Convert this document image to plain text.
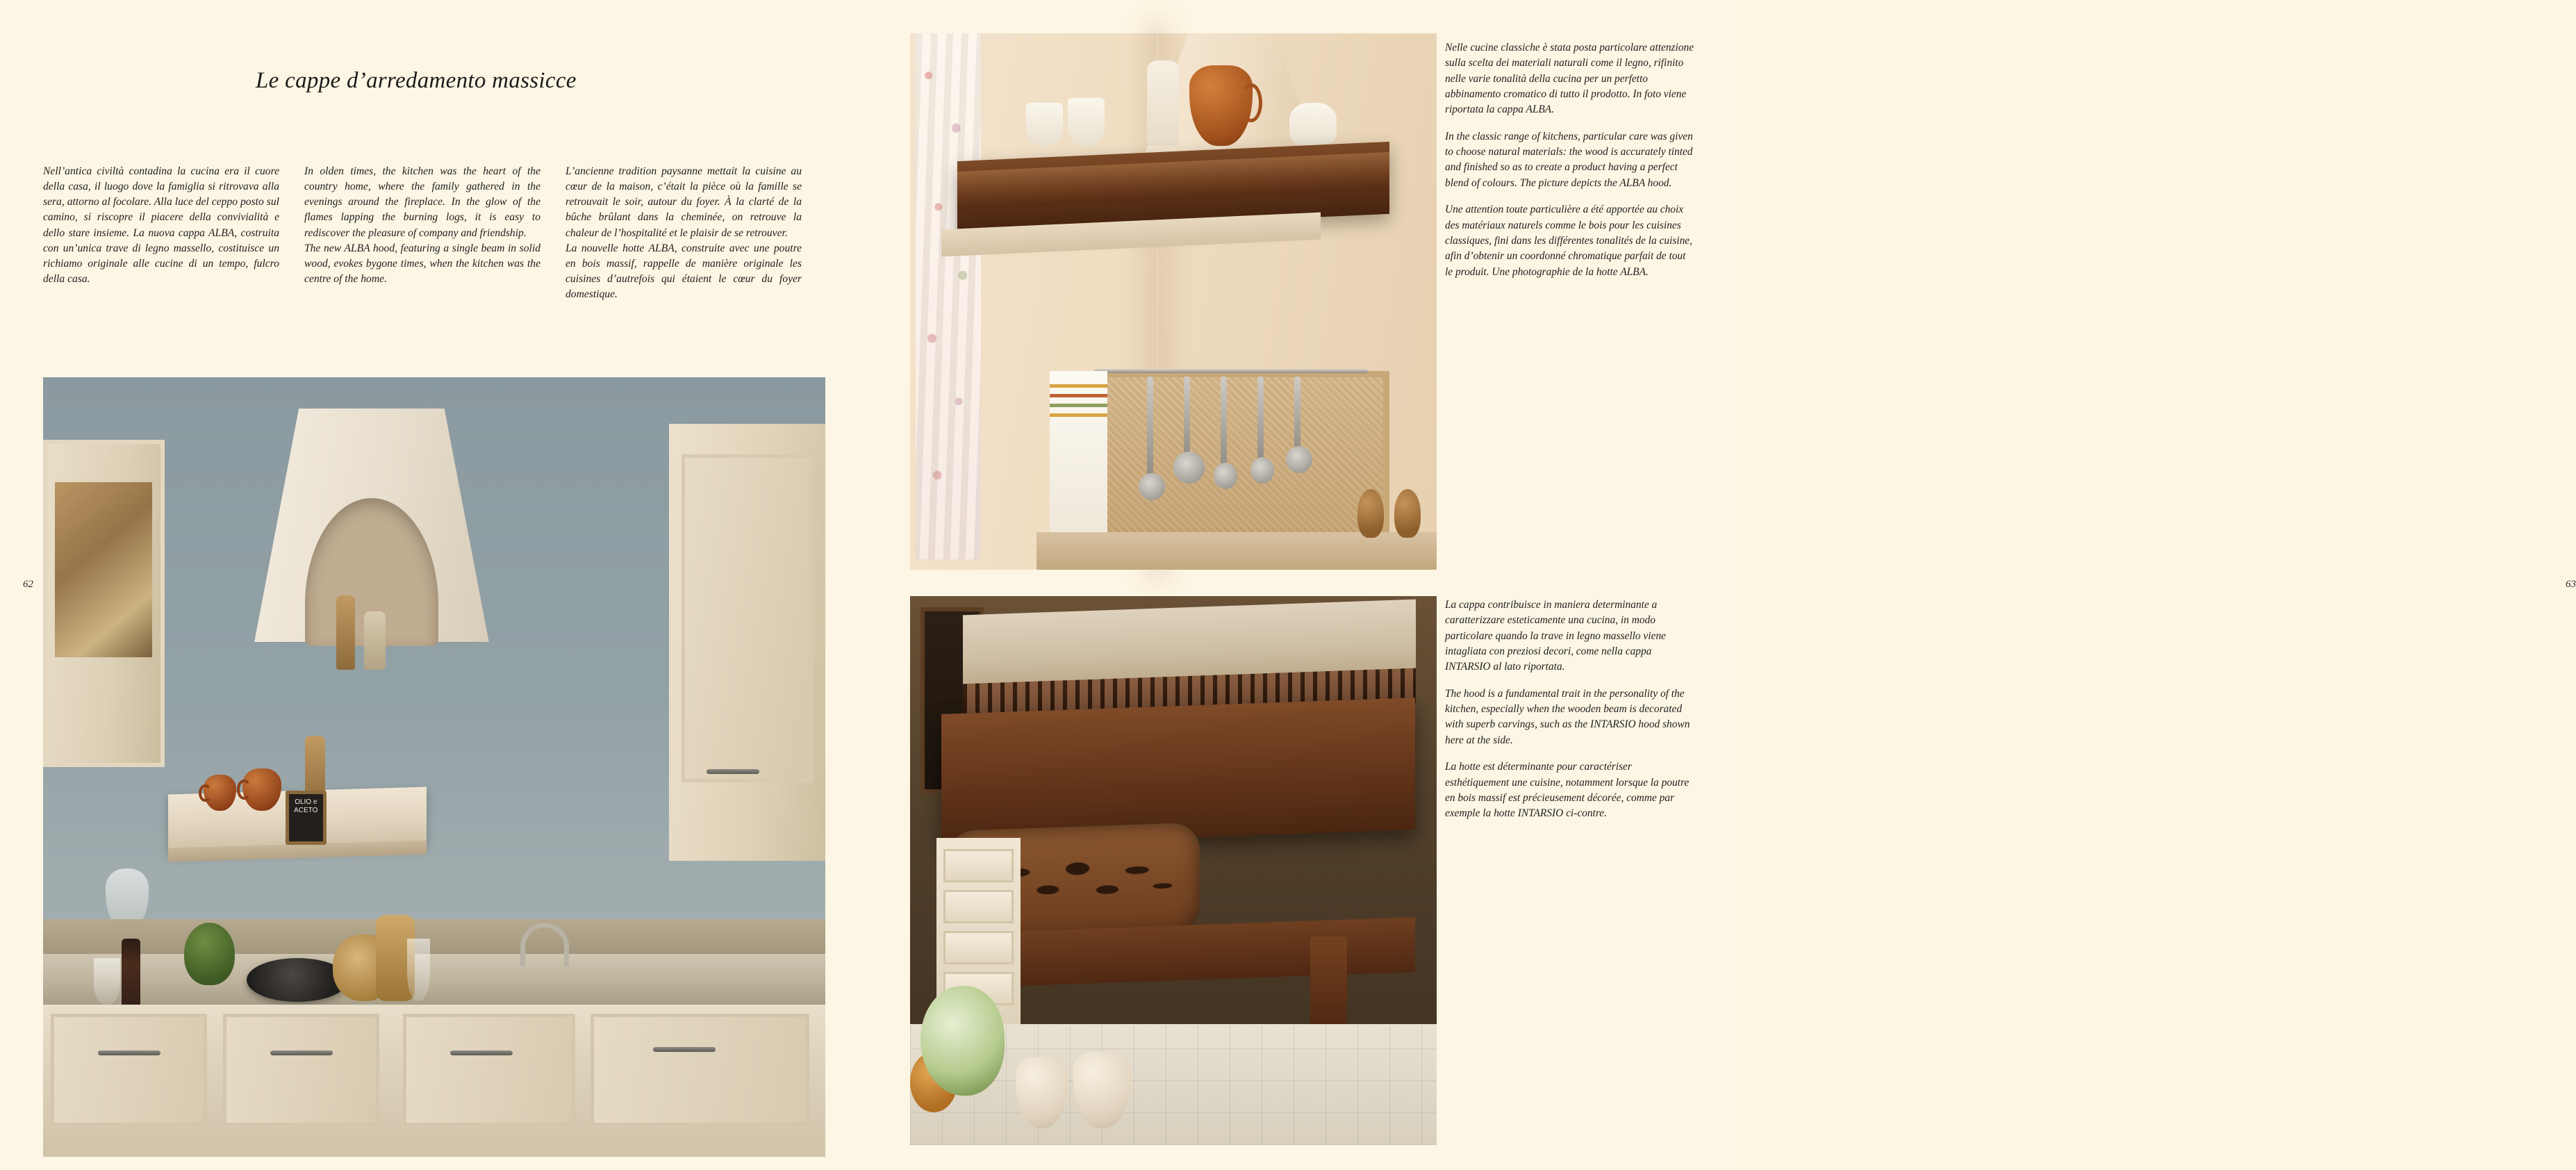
Le cappe d’arredamento massicce
62

Nell’antica civiltà contadina la cucina era il cuore della casa, il luogo dove la famiglia si ritrovava alla sera, attorno al focolare. Alla luce del ceppo posto sul camino, si riscopre il piacere della convivialità e dello stare insieme. La nuova cappa ALBA, costruita con un’unica trave di legno massello, costituisce un richiamo originale alle cucine di un tempo, fulcro della casa.

In olden times, the kitchen was the heart of the country home, where the family gathered in the evenings around the fireplace. In the glow of the flames lapping the burning logs, it is easy to rediscover the pleasure of company and friendship.

The new ALBA hood, featuring a single beam in solid wood, evokes bygone times, when the kitchen was the centre of the home.

L’ancienne tradition paysanne mettait la cuisine au cœur de la maison, c’était la pièce où la famille se retrouvait le soir, autour du foyer. À la clarté de la bûche brûlant dans la cheminée, on retrouve la chaleur de l’hospitalité et le plaisir de se retrouver.

La nouvelle hotte ALBA, construite avec une poutre en bois massif, rappelle de manière originale les cuisines d’autrefois qui étaient le cœur du foyer domestique.

OLIO e ACETO
63

Nelle cucine classiche è stata posta particolare attenzione sulla scelta dei materiali naturali come il legno, rifinito nelle varie tonalità della cucina per un perfetto abbinamento cromatico di tutto il prodotto. In foto viene riportata la cappa ALBA.

In the classic range of kitchens, particular care was given to choose natural materials: the wood is accurately tinted and finished so as to create a product having a perfect blend of colours. The picture depicts the ALBA hood.

Une attention toute particulière a été apportée au choix des matériaux naturels comme le bois pour les cuisines classiques, fini dans les différentes tonalités de la cuisine, afin d’obtenir un coordonné chromatique parfait de tout le produit. Une photographie de la hotte ALBA.

La cappa contribuisce in maniera determinante a caratterizzare esteticamente una cucina, in modo particolare quando la trave in legno massello viene intagliata con preziosi decori, come nella cappa INTARSIO al lato riportata.

The hood is a fundamental trait in the personality of the kitchen, especially when the wooden beam is decorated with superb carvings, such as the INTARSIO hood shown here at the side.

La hotte est déterminante pour caractériser esthétiquement une cuisine, notamment lorsque la poutre en bois massif est précieusement décorée, comme par exemple la hotte INTARSIO ci-contre.
